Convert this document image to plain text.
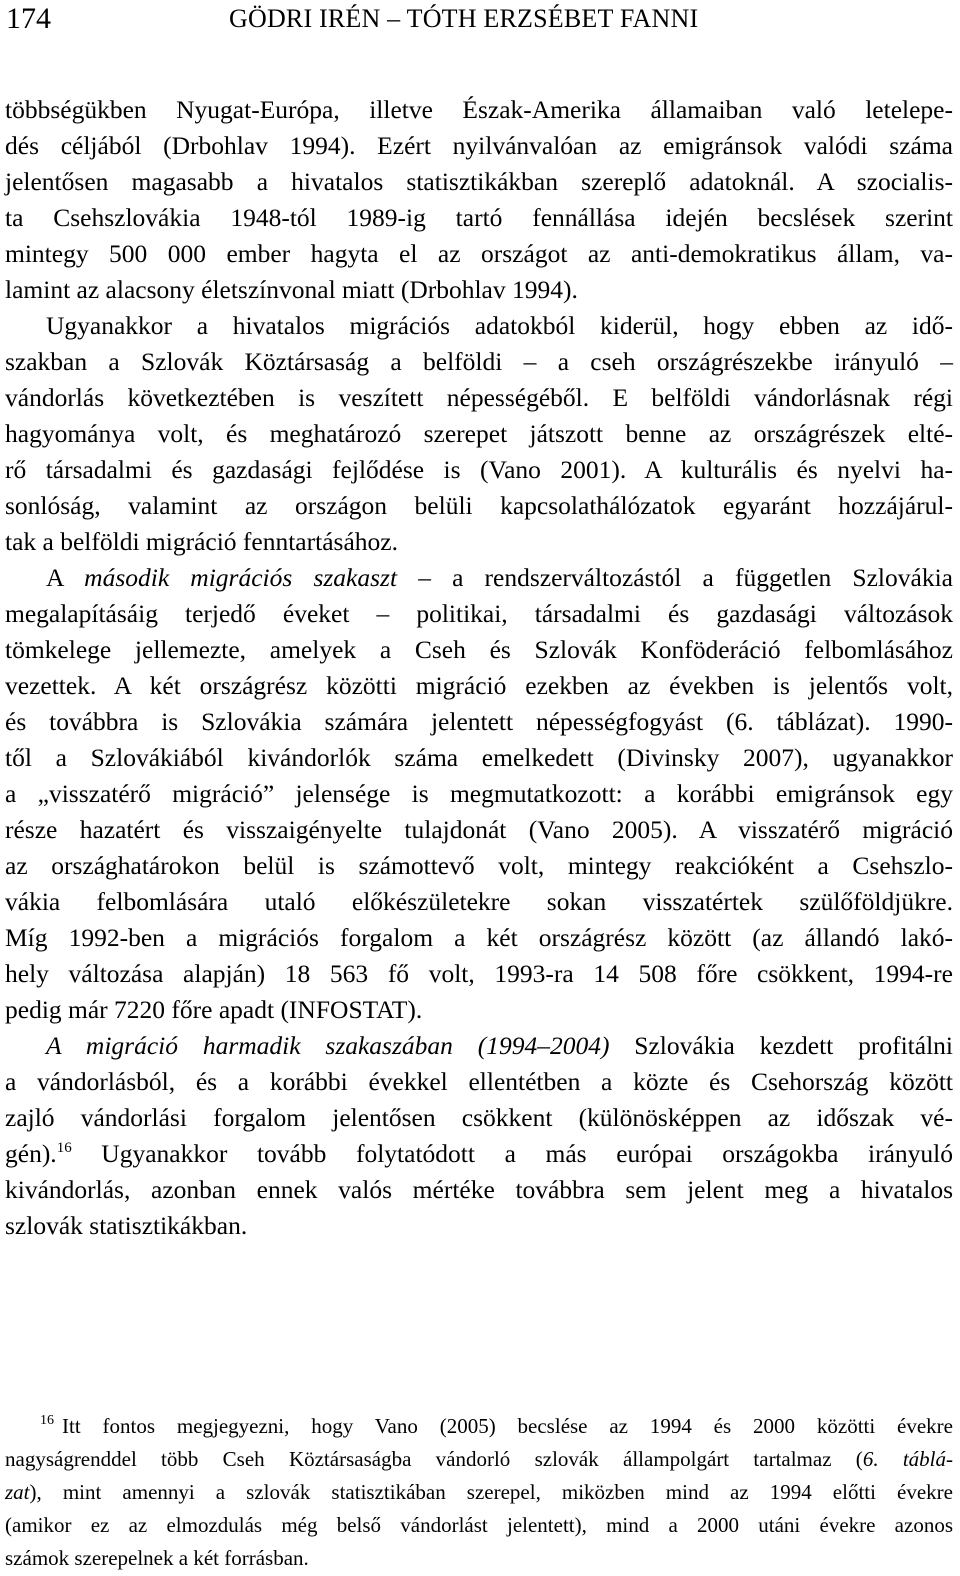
174	GÖDRI IRÉN – TÓTH ERZSÉBET FANNI
többségükben Nyugat-Európa, illetve Észak-Amerika államaiban való letelepe-
dés céljából (Drbohlav 1994). Ezért nyilvánvalóan az emigránsok valódi száma
jelentősen magasabb a hivatalos statisztikákban szereplő adatoknál. A szocialis-
ta Csehszlovákia 1948-tól 1989-ig tartó fennállása idején becslések szerint
mintegy 500 000 ember hagyta el az országot az anti-demokratikus állam, va-
lamint az alacsony életszínvonal miatt (Drbohlav 1994).
Ugyanakkor a hivatalos migrációs adatokból kiderül, hogy ebben az idő-
szakban a Szlovák Köztársaság a belföldi – a cseh országrészekbe irányuló –
vándorlás következtében is veszített népességéből. E belföldi vándorlásnak régi
hagyománya volt, és meghatározó szerepet játszott benne az országrészek elté-
rő társadalmi és gazdasági fejlődése is (Vano 2001). A kulturális és nyelvi ha-
sonlóság, valamint az országon belüli kapcsolathálózatok egyaránt hozzájárul-
tak a belföldi migráció fenntartásához.
A második migrációs szakaszt – a rendszerváltozástól a független Szlovákia
megalapításáig terjedő éveket – politikai, társadalmi és gazdasági változások
tömkelege jellemezte, amelyek a Cseh és Szlovák Konföderáció felbomlásához
vezettek. A két országrész közötti migráció ezekben az években is jelentős volt,
és továbbra is Szlovákia számára jelentett népességfogyást (6. táblázat). 1990-
től a Szlovákiából kivándorlók száma emelkedett (Divinsky 2007), ugyanakkor
a „visszatérő migráció” jelensége is megmutatkozott: a korábbi emigránsok egy
része hazatért és visszaigényelte tulajdonát (Vano 2005). A visszatérő migráció
az országhatárokon belül is számottevő volt, mintegy reakcióként a Csehszlo-
vákia felbomlására utaló előkészületekre sokan visszatértek szülőföldjükre.
Míg 1992-ben a migrációs forgalom a két országrész között (az állandó lakó-
hely változása alapján) 18 563 fő volt, 1993-ra 14 508 főre csökkent, 1994-re
pedig már 7220 főre apadt (INFOSTAT).
A migráció harmadik szakaszában (1994–2004) Szlovákia kezdett profitálni
a vándorlásból, és a korábbi évekkel ellentétben a közte és Csehország között
zajló vándorlási forgalom jelentősen csökkent (különösképpen az időszak vé-
gén).$^{16}$ Ugyanakkor tovább folytatódott a más európai országokba irányuló
kivándorlás, azonban ennek valós mértéke továbbra sem jelent meg a hivatalos
szlovák statisztikákban.
$^{16}$ Itt fontos megjegyezni, hogy Vano (2005) becslése az 1994 és 2000 közötti évekre
nagyságrenddel több Cseh Köztársaságba vándorló szlovák állampolgárt tartalmaz (6. táblá-
zat), mint amennyi a szlovák statisztikában szerepel, miközben mind az 1994 előtti évekre
(amikor ez az elmozdulás még belső vándorlást jelentett), mind a 2000 utáni évekre azonos
számok szerepelnek a két forrásban.
